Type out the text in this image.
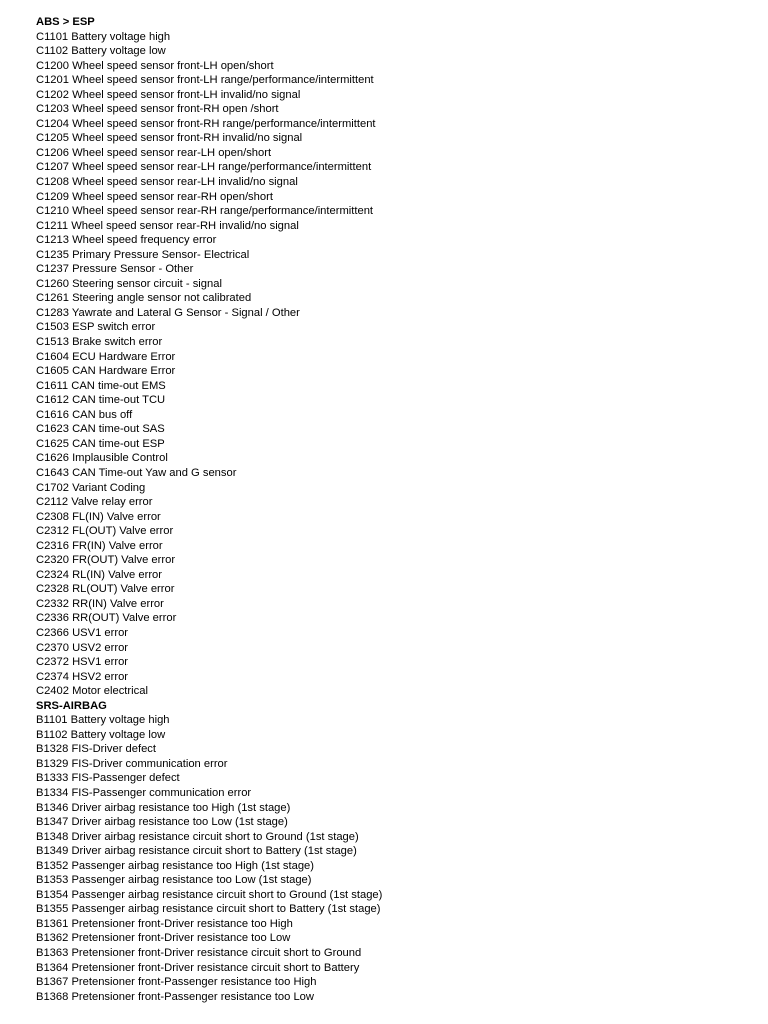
ABS > ESP
C1101 Battery voltage high
C1102 Battery voltage low
C1200 Wheel speed sensor front-LH open/short
C1201 Wheel speed sensor front-LH range/performance/intermittent
C1202 Wheel speed sensor front-LH invalid/no signal
C1203 Wheel speed sensor front-RH open /short
C1204 Wheel speed sensor front-RH range/performance/intermittent
C1205 Wheel speed sensor front-RH invalid/no signal
C1206 Wheel speed sensor rear-LH open/short
C1207 Wheel speed sensor rear-LH range/performance/intermittent
C1208 Wheel speed sensor rear-LH invalid/no signal
C1209 Wheel speed sensor rear-RH open/short
C1210 Wheel speed sensor rear-RH range/performance/intermittent
C1211 Wheel speed sensor rear-RH invalid/no signal
C1213 Wheel speed frequency error
C1235 Primary Pressure Sensor- Electrical
C1237 Pressure Sensor - Other
C1260 Steering sensor circuit - signal
C1261 Steering angle sensor not calibrated
C1283 Yawrate and Lateral G Sensor - Signal / Other
C1503 ESP switch error
C1513 Brake switch error
C1604 ECU Hardware Error
C1605 CAN Hardware Error
C1611 CAN time-out EMS
C1612 CAN time-out TCU
C1616 CAN bus off
C1623 CAN time-out SAS
C1625 CAN time-out ESP
C1626 Implausible Control
C1643 CAN Time-out Yaw and G sensor
C1702 Variant Coding
C2112 Valve relay error
C2308 FL(IN) Valve error
C2312 FL(OUT) Valve error
C2316 FR(IN) Valve error
C2320 FR(OUT) Valve error
C2324 RL(IN) Valve error
C2328 RL(OUT) Valve error
C2332 RR(IN) Valve error
C2336 RR(OUT) Valve error
C2366 USV1 error
C2370 USV2 error
C2372 HSV1 error
C2374 HSV2 error
C2402 Motor electrical
SRS-AIRBAG
B1101 Battery voltage high
B1102 Battery voltage low
B1328 FIS-Driver defect
B1329 FIS-Driver communication error
B1333 FIS-Passenger defect
B1334 FIS-Passenger communication error
B1346 Driver airbag resistance too High (1st stage)
B1347 Driver airbag resistance too Low (1st stage)
B1348 Driver airbag resistance circuit short to Ground (1st stage)
B1349 Driver airbag resistance circuit short to Battery (1st stage)
B1352 Passenger airbag resistance too High (1st stage)
B1353 Passenger airbag resistance too Low (1st stage)
B1354 Passenger airbag resistance circuit short to Ground (1st stage)
B1355 Passenger airbag resistance circuit short to Battery (1st stage)
B1361 Pretensioner front-Driver resistance too High
B1362 Pretensioner front-Driver resistance too Low
B1363 Pretensioner front-Driver resistance circuit short to Ground
B1364 Pretensioner front-Driver resistance circuit short to Battery
B1367 Pretensioner front-Passenger resistance too High
B1368 Pretensioner front-Passenger resistance too Low
